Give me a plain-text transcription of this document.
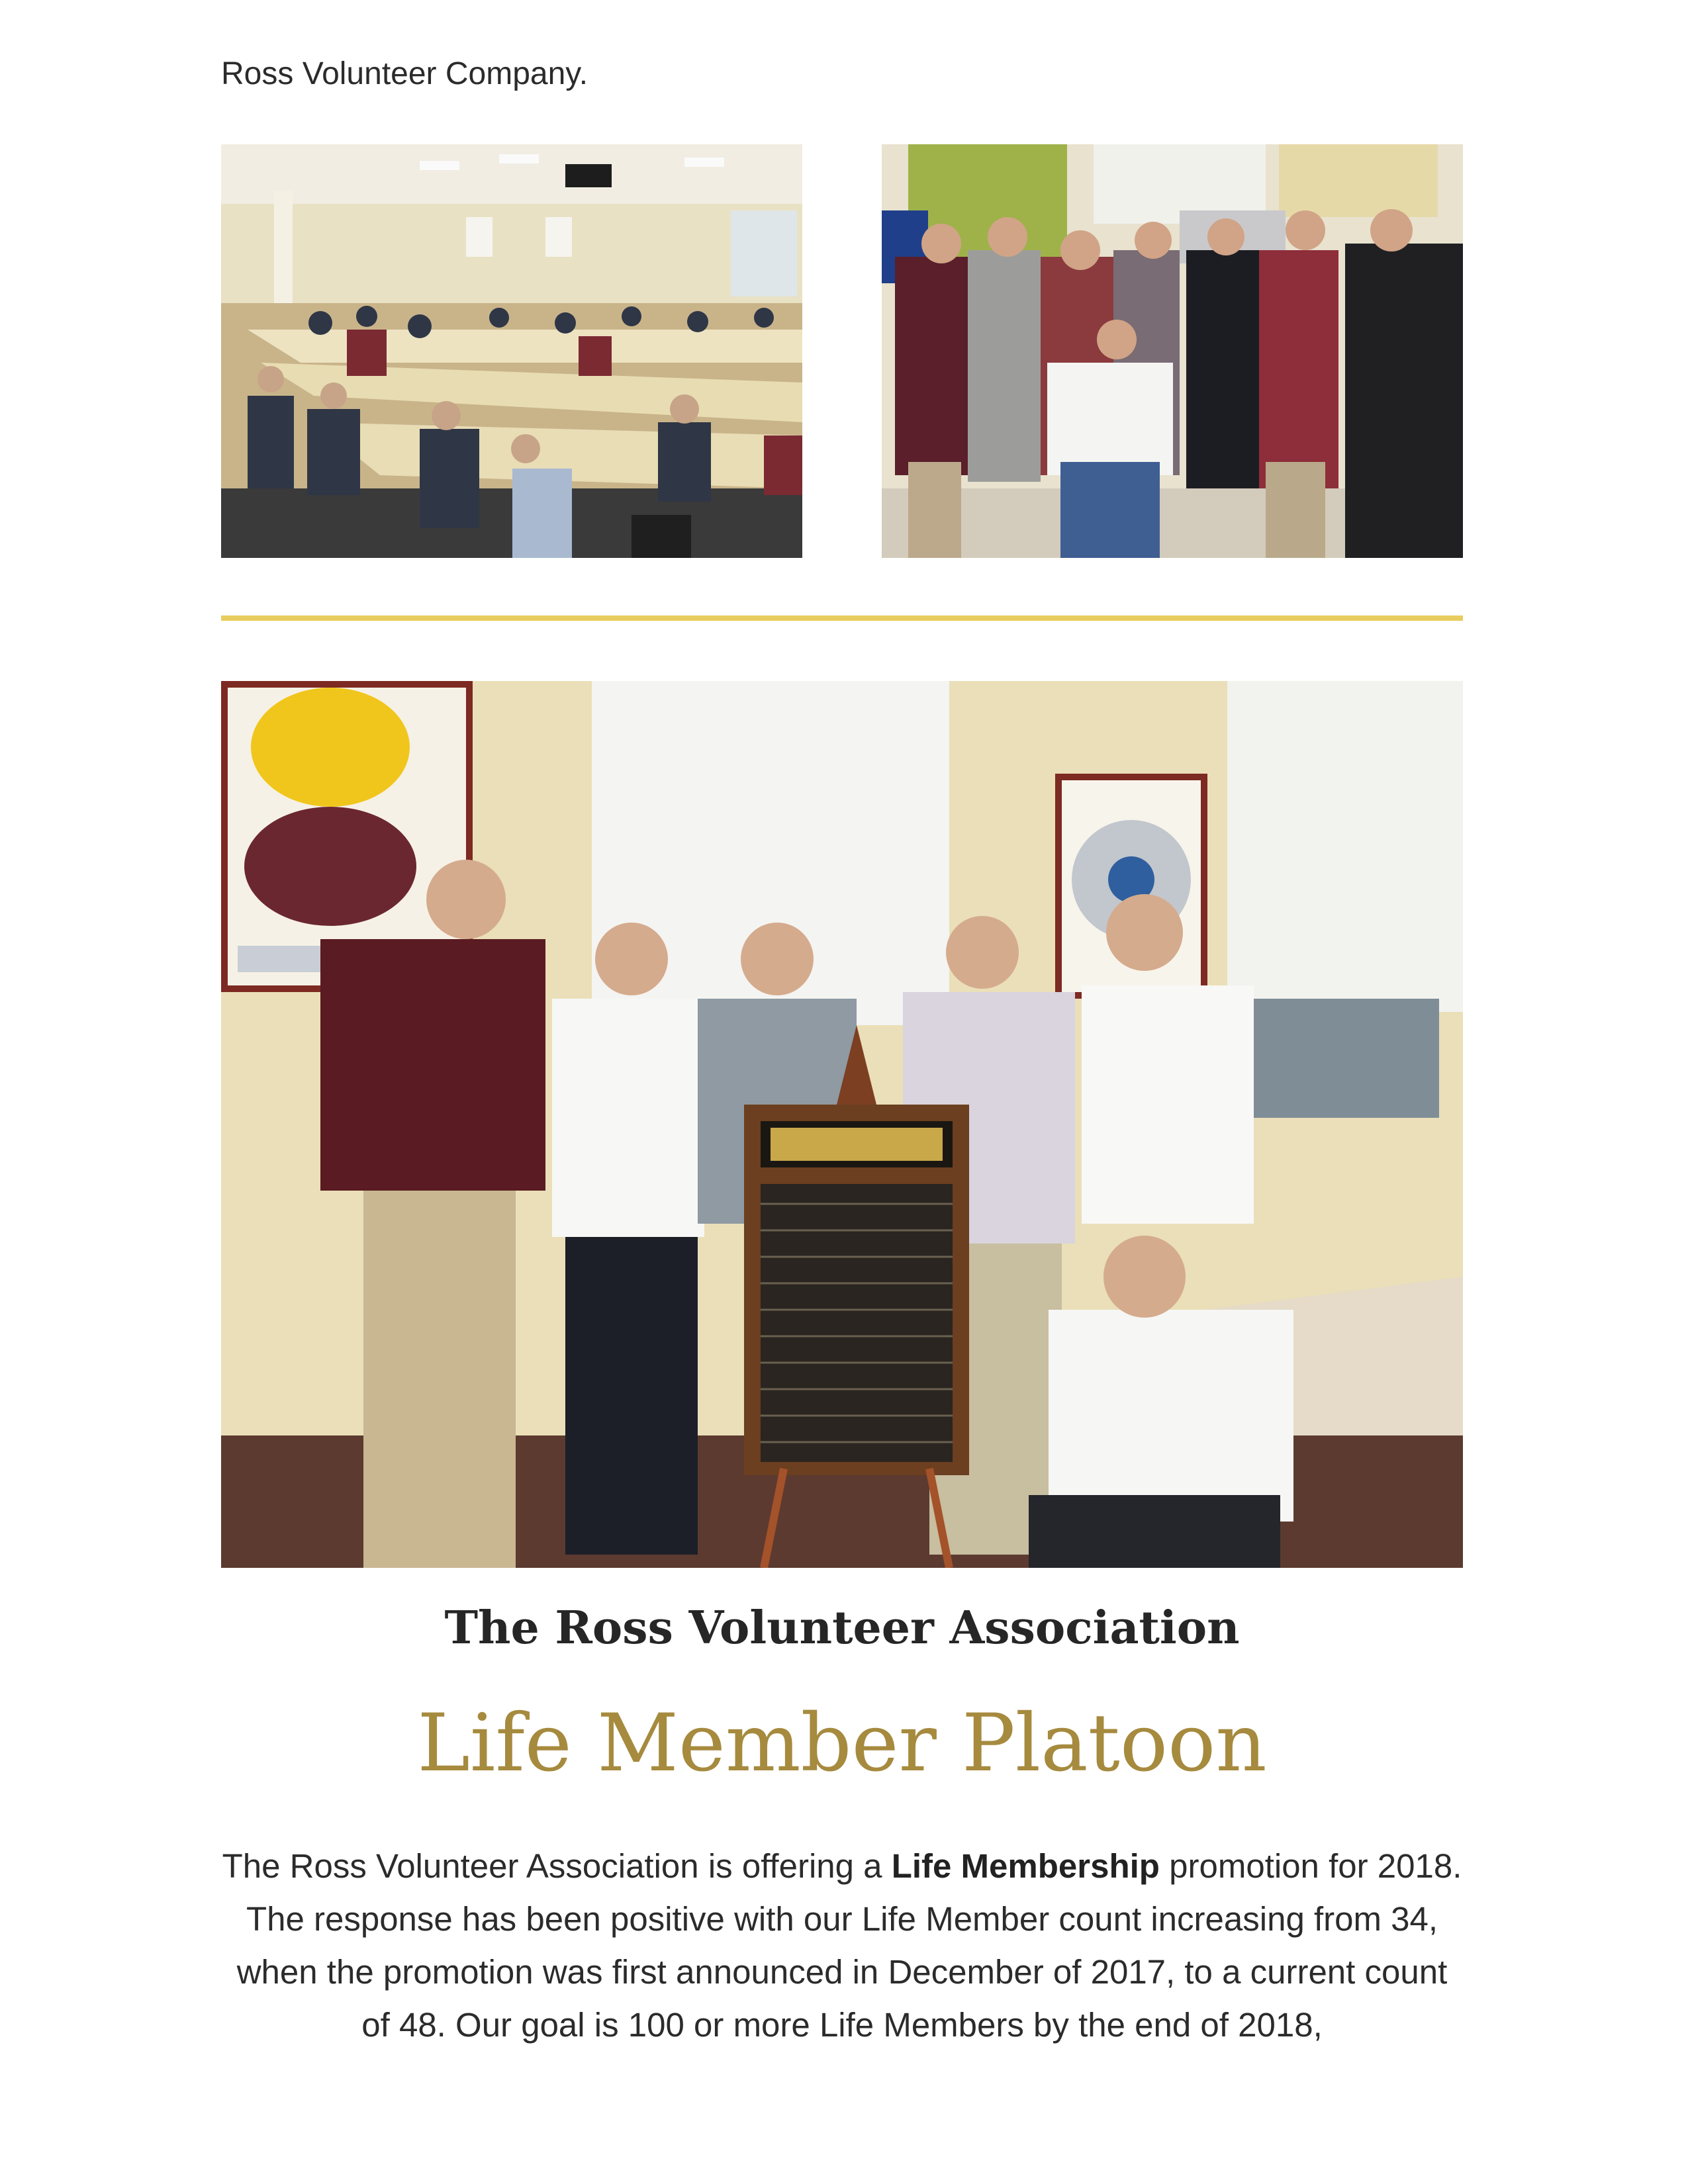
Ross Volunteer Company.
The Ross Volunteer Association
Life Member Platoon
The Ross Volunteer Association is offering a Life Membership promotion for 2018. The response has been positive with our Life Member count increasing from 34, when the promotion was first announced in December of 2017, to a current count of 48. Our goal is 100 or more Life Members by the end of 2018,
